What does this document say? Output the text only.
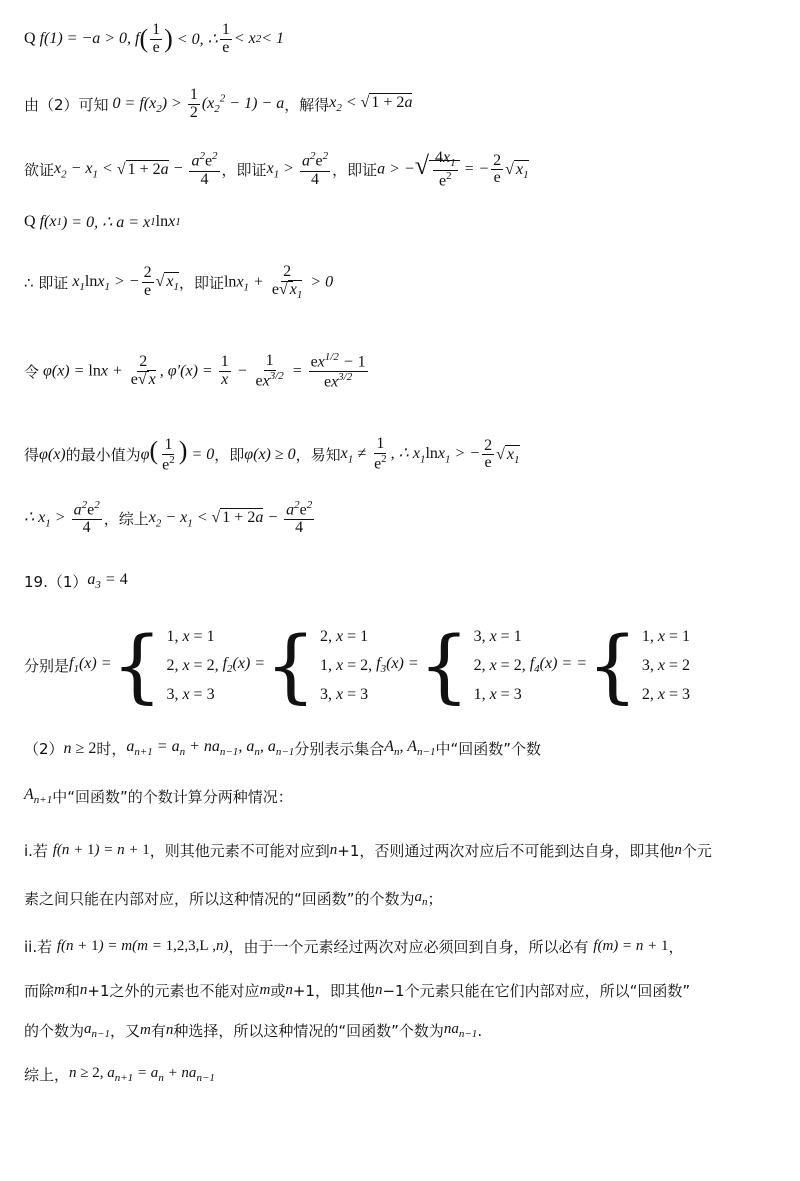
Q f(1) = −a > 0, f ( $\frac{1}{e}$ ) < 0, ∴ $\frac{1}{e} < x$ 2 < 1
由（2）可知 $0 = f(x_2) > \frac{1}{2} (x_2^2 - 1) - a$ ，解得 $x_2$ < √ 1 + 2a
欲证 $x_2 - x_1$ < √ $1 + 2a - \frac{a^2e^2}{4}$ ，即证 $x_1 > \frac{a^2e^2}{4}$ ，即证 a > − √ $\frac{4x_1}{e^2}$ = − $\frac{2}{e}$ √ $x_1$
Q f(x 1 ) = 0, ∴ a = x 1 ln x 1
∴ 即证 $x_1\ln x_1$ > − $\frac{2}{e}$ √ $x_1$ ，即证 $\ln x_1 + \frac{2}{e √ x_1} > 0$
令 $\varphi(x) = \ln x + \frac{2}{e √ x}$ , $\varphi'(x) = \frac{1}{x} - \frac{1}{ex^{3/2}} = \frac{ex^{1/2} - 1}{ex^{3/2}}$
得 φ(x) 的最小值为 $\varphi( \frac{1}{e^2}$ ) = 0 ，即 φ(x) ≥ 0 ，易知 $x_1 \ne \frac{1}{e^2}$ , ∴ $x_1\ln x_1$ > − $\frac{2}{e}$ √ $x_1$
∴ $x_1 > \frac{a^2e^2}{4}$ ，综上 $x_2 - x_1$ < √ $1 + 2a - \frac{a^2e^2}{4}$
19.（1） $a_3 = 4$
分别是 $f_1(x)$ = { 1, x = 1
2, x = 2,
3, x = 3
$f_2(x)$ = { 2, x = 1
1, x = 2,
3, x = 3
$f_3(x)$ = { 3, x = 1
2, x = 2,
1, x = 3
$f_4(x)$ = = { 1, x = 1
3, x = 2
2, x = 3
（2） n ≥ 2 时， $a_{n+1} = a_n + na_{n-1}$, $a_n$, $a_{n-1}$ 分别表示集合 $A_n$, $A_{n-1}$ 中“回函数”个数
$A_{n+1}$ 中“回函数”的个数计算分两种情况：
i.若 f(n + 1) = n + 1 ，则其他元素不可能对应到 n +1，否则通过两次对应后不可能到达自身，即其他 n 个元
素之间只能在内部对应，所以这种情况的“回函数”的个数为 $a_n$ ；
ii.若 f(n + 1) = m(m = 1,2,3,L ,n) ，由于一个元素经过两次对应必须回到自身，所以必有 f(m) = n + 1 ，
而除 m 和 n +1之外的元素也不能对应 m 或 n +1，即其他 n −1个元素只能在它们内部对应，所以“回函数”
的个数为 $a_{n-1}$ ，又 m 有 n 种选择，所以这种情况的“回函数”个数为 $na_{n-1}$ .
综上， n ≥ 2, $a_{n+1} = a_n + na_{n-1}$
